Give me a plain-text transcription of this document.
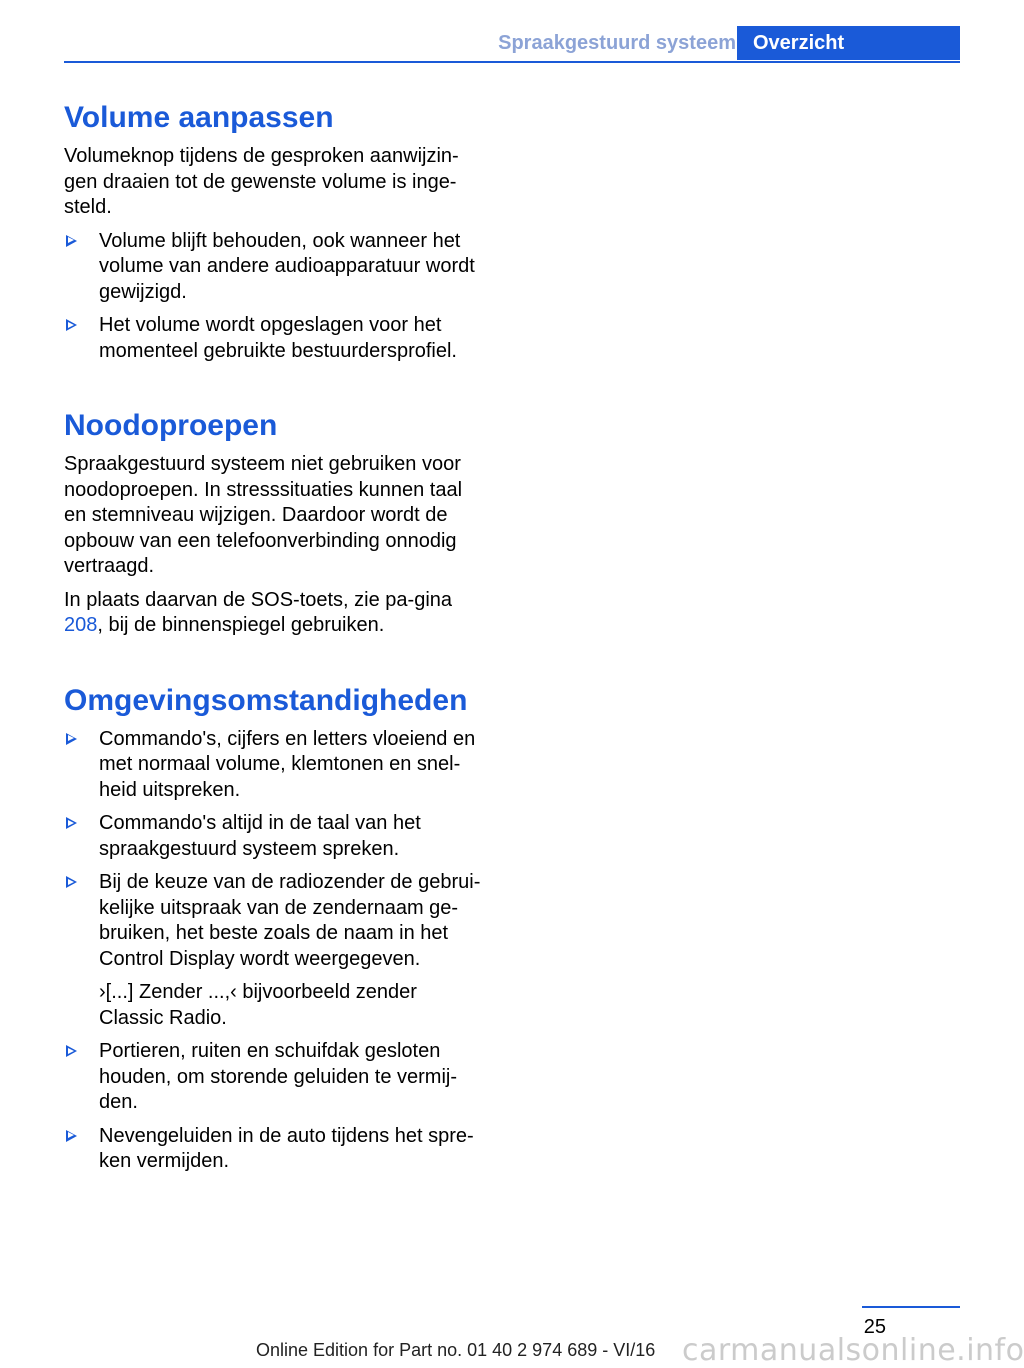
Spraakgestuurd systeem Overzicht
Volume aanpassen

Volumeknop tijdens de gesproken aanwijzin-gen draaien tot de gewenste volume is inge-steld.

Volume blijft behouden, ook wanneer het volume van andere audioapparatuur wordt gewijzigd.
Het volume wordt opgeslagen voor het momenteel gebruikte bestuurdersprofiel.
Noodoproepen

Spraakgestuurd systeem niet gebruiken voor noodoproepen. In stresssituaties kunnen taal en stemniveau wijzigen. Daardoor wordt de opbouw van een telefoonverbinding onnodig vertraagd.

In plaats daarvan de SOS-toets, zie pa-gina 208, bij de binnenspiegel gebruiken.

Omgevingsomstandigheden
Commando's, cijfers en letters vloeiend en met normaal volume, klemtonen en snel-heid uitspreken.
Commando's altijd in de taal van het spraakgestuurd systeem spreken.
Bij de keuze van de radiozender de gebrui-kelijke uitspraak van de zendernaam ge-bruiken, het beste zoals de naam in het Control Display wordt weergegeven.
›[...] Zender ...,‹ bijvoorbeeld zender Classic Radio.
Portieren, ruiten en schuifdak gesloten houden, om storende geluiden te vermij-den.
Nevengeluiden in de auto tijdens het spre-ken vermijden.
25
Online Edition for Part no. 01 40 2 974 689 - VI/16 carmanualsonline.info
